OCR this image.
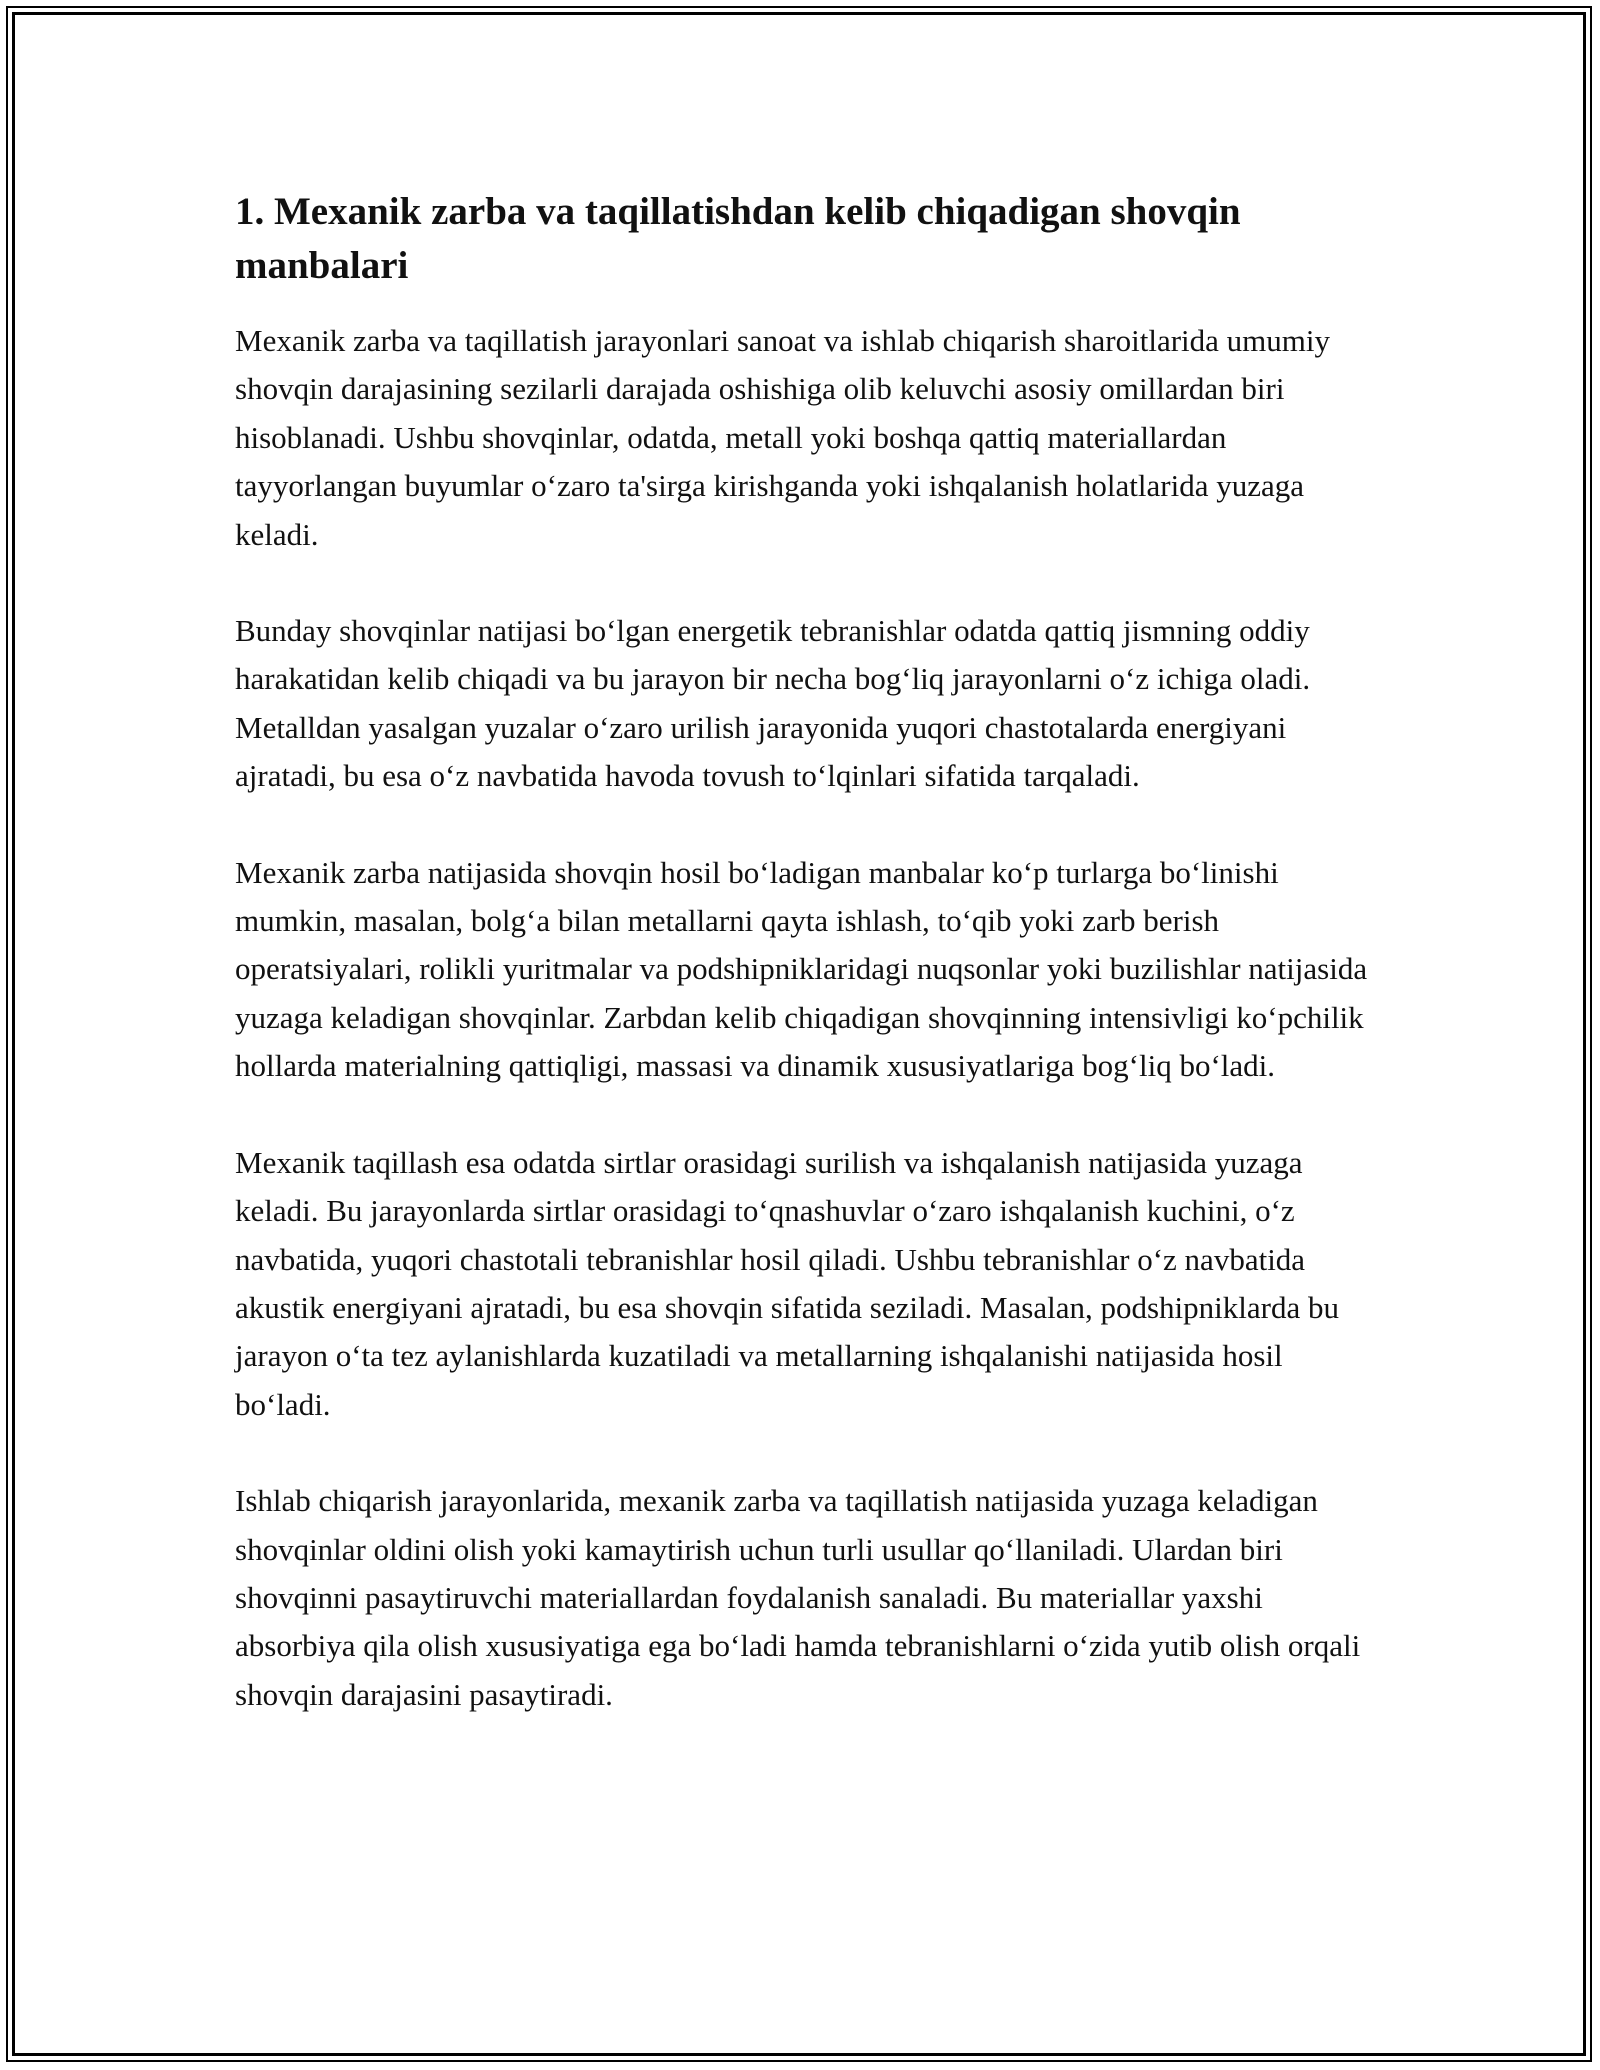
1. Mexanik zarba va taqillatishdan kelib chiqadigan shovqin manbalari

Mexanik zarba va taqillatish jarayonlari sanoat va ishlab chiqarish sharoitlarida umumiy shovqin darajasining sezilarli darajada oshishiga olib keluvchi asosiy omillardan biri hisoblanadi. Ushbu shovqinlar, odatda, metall yoki boshqa qattiq materiallardan tayyorlangan buyumlar o‘zaro ta'sirga kirishganda yoki ishqalanish holatlarida yuzaga keladi.

Bunday shovqinlar natijasi bo‘lgan energetik tebranishlar odatda qattiq jismning oddiy harakatidan kelib chiqadi va bu jarayon bir necha bog‘liq jarayonlarni o‘z ichiga oladi. Metalldan yasalgan yuzalar o‘zaro urilish jarayonida yuqori chastotalarda energiyani ajratadi, bu esa o‘z navbatida havoda tovush to‘lqinlari sifatida tarqaladi.

Mexanik zarba natijasida shovqin hosil bo‘ladigan manbalar ko‘p turlarga bo‘linishi mumkin, masalan, bolg‘a bilan metallarni qayta ishlash, to‘qib yoki zarb berish operatsiyalari, rolikli yuritmalar va podshipniklaridagi nuqsonlar yoki buzilishlar natijasida yuzaga keladigan shovqinlar. Zarbdan kelib chiqadigan shovqinning intensivligi ko‘pchilik hollarda materialning qattiqligi, massasi va dinamik xususiyatlariga bog‘liq bo‘ladi.

Mexanik taqillash esa odatda sirtlar orasidagi surilish va ishqalanish natijasida yuzaga keladi. Bu jarayonlarda sirtlar orasidagi to‘qnashuvlar o‘zaro ishqalanish kuchini, o‘z navbatida, yuqori chastotali tebranishlar hosil qiladi. Ushbu tebranishlar o‘z navbatida akustik energiyani ajratadi, bu esa shovqin sifatida seziladi. Masalan, podshipniklarda bu jarayon o‘ta tez aylanishlarda kuzatiladi va metallarning ishqalanishi natijasida hosil bo‘ladi.

Ishlab chiqarish jarayonlarida, mexanik zarba va taqillatish natijasida yuzaga keladigan shovqinlar oldini olish yoki kamaytirish uchun turli usullar qo‘llaniladi. Ulardan biri shovqinni pasaytiruvchi materiallardan foydalanish sanaladi. Bu materiallar yaxshi absorbiya qila olish xususiyatiga ega bo‘ladi hamda tebranishlarni o‘zida yutib olish orqali shovqin darajasini pasaytiradi.
